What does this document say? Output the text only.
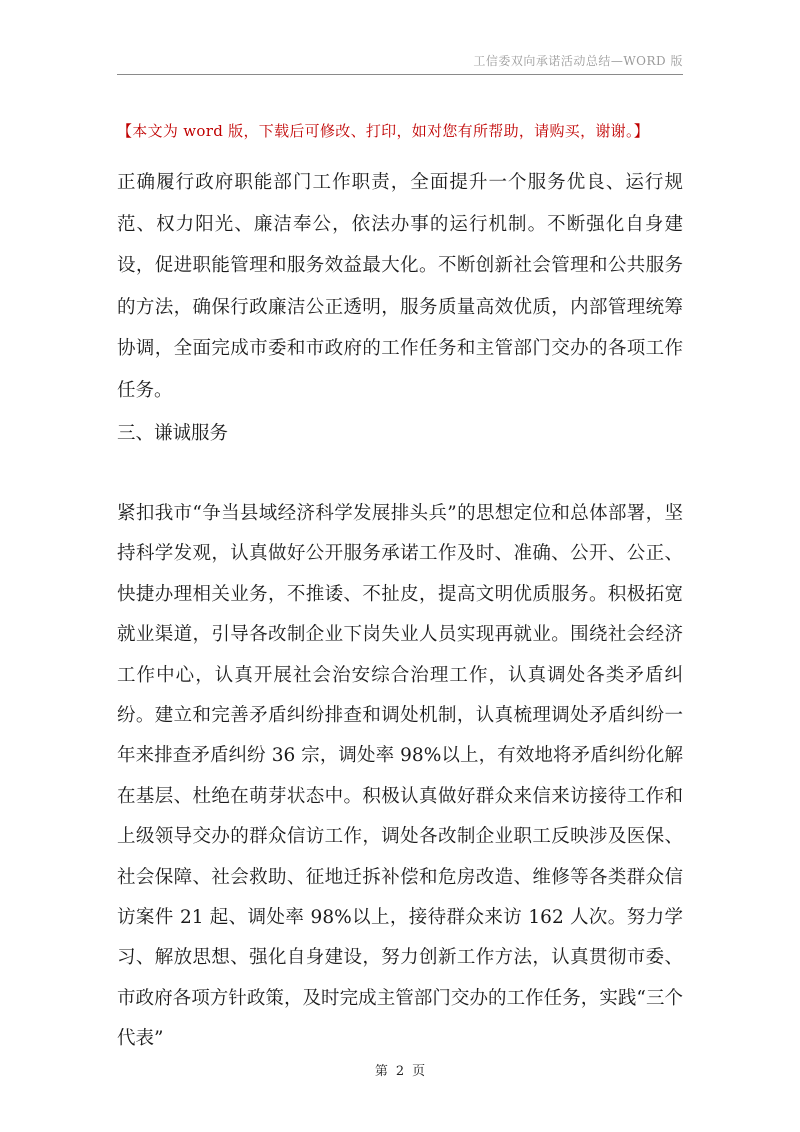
工信委双向承诺活动总结—WORD 版
【本文为 word 版，下载后可修改、打印，如对您有所帮助，请购买，谢谢。】

正确履行政府职能部门工作职责，全面提升一个服务优良、运行规范、权力阳光、廉洁奉公，依法办事的运行机制。不断强化自身建设，促进职能管理和服务效益最大化。不断创新社会管理和公共服务的方法，确保行政廉洁公正透明，服务质量高效优质，内部管理统筹协调，全面完成市委和市政府的工作任务和主管部门交办的各项工作任务。

三、谦诚服务

紧扣我市“争当县域经济科学发展排头兵”的思想定位和总体部署，坚持科学发观，认真做好公开服务承诺工作及时、准确、公开、公正、快捷办理相关业务，不推诿、不扯皮，提高文明优质服务。积极拓宽就业渠道，引导各改制企业下岗失业人员实现再就业。围绕社会经济工作中心，认真开展社会治安综合治理工作，认真调处各类矛盾纠纷。建立和完善矛盾纠纷排查和调处机制，认真梳理调处矛盾纠纷一年来排查矛盾纠纷 36 宗，调处率 98%以上，有效地将矛盾纠纷化解在基层、杜绝在萌芽状态中。积极认真做好群众来信来访接待工作和上级领导交办的群众信访工作，调处各改制企业职工反映涉及医保、社会保障、社会救助、征地迁拆补偿和危房改造、维修等各类群众信访案件 21 起、调处率 98%以上，接待群众来访 162 人次。努力学习、解放思想、强化自身建设，努力创新工作方法，认真贯彻市委、市政府各项方针政策，及时完成主管部门交办的工作任务，实践“三个代表”

第 2 页
